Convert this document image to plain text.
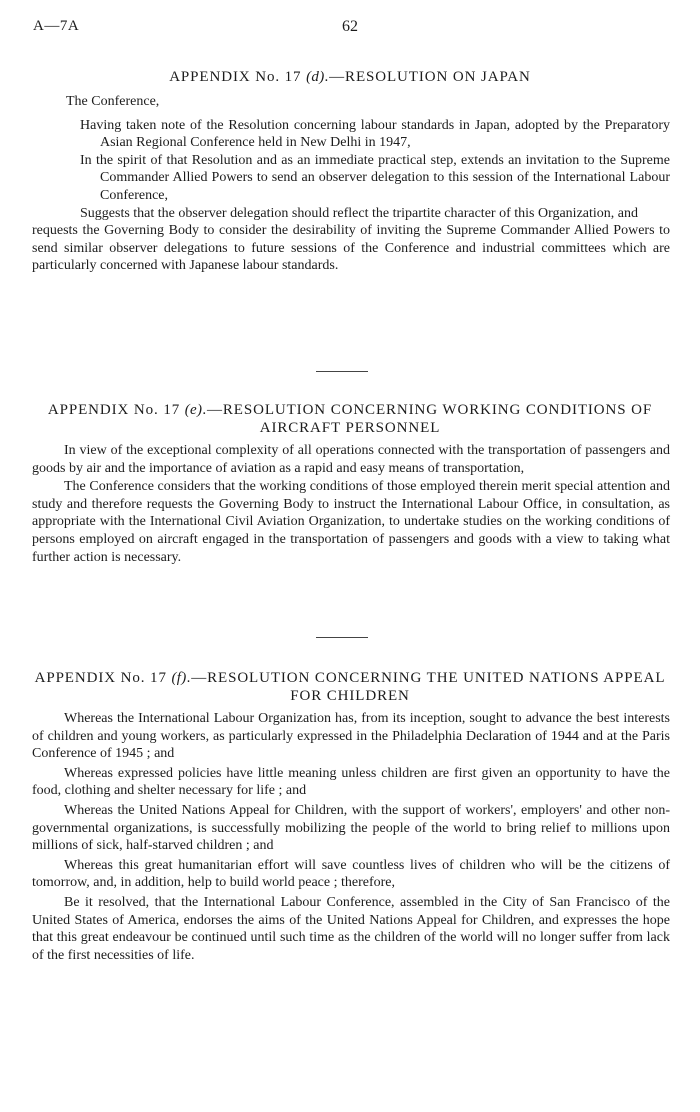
A—7A	62
APPENDIX No. 17 (d).—RESOLUTION ON JAPAN

The Conference,

Having taken note of the Resolution concerning labour standards in Japan, adopted by the Preparatory Asian Regional Conference held in New Delhi in 1947,

In the spirit of that Resolution and as an immediate practical step, extends an invitation to the Supreme Commander Allied Powers to send an observer delegation to this session of the International Labour Conference,

Suggests that the observer delegation should reflect the tripartite character of this Organization, and

requests the Governing Body to consider the desirability of inviting the Supreme Commander Allied Powers to send similar observer delegations to future sessions of the Conference and industrial committees which are particularly concerned with Japanese labour standards.

APPENDIX No. 17 (e).—RESOLUTION CONCERNING WORKING CONDITIONS OF AIRCRAFT PERSONNEL

In view of the exceptional complexity of all operations connected with the transportation of passengers and goods by air and the importance of aviation as a rapid and easy means of transportation,

The Conference considers that the working conditions of those employed therein merit special attention and study and therefore requests the Governing Body to instruct the International Labour Office, in consultation, as appropriate with the International Civil Aviation Organization, to undertake studies on the working conditions of persons employed on aircraft engaged in the transportation of passengers and goods with a view to taking what further action is necessary.

APPENDIX No. 17 (f).—RESOLUTION CONCERNING THE UNITED NATIONS APPEAL FOR CHILDREN

Whereas the International Labour Organization has, from its inception, sought to advance the best interests of children and young workers, as particularly expressed in the Philadelphia Declaration of 1944 and at the Paris Conference of 1945 ; and

Whereas expressed policies have little meaning unless children are first given an opportunity to have the food, clothing and shelter necessary for life ; and

Whereas the United Nations Appeal for Children, with the support of workers', employers' and other non-governmental organizations, is successfully mobilizing the people of the world to bring relief to millions upon millions of sick, half-starved children ; and

Whereas this great humanitarian effort will save countless lives of children who will be the citizens of tomorrow, and, in addition, help to build world peace ; therefore,

Be it resolved, that the International Labour Conference, assembled in the City of San Francisco of the United States of America, endorses the aims of the United Nations Appeal for Children, and expresses the hope that this great endeavour be continued until such time as the children of the world will no longer suffer from lack of the first necessities of life.
